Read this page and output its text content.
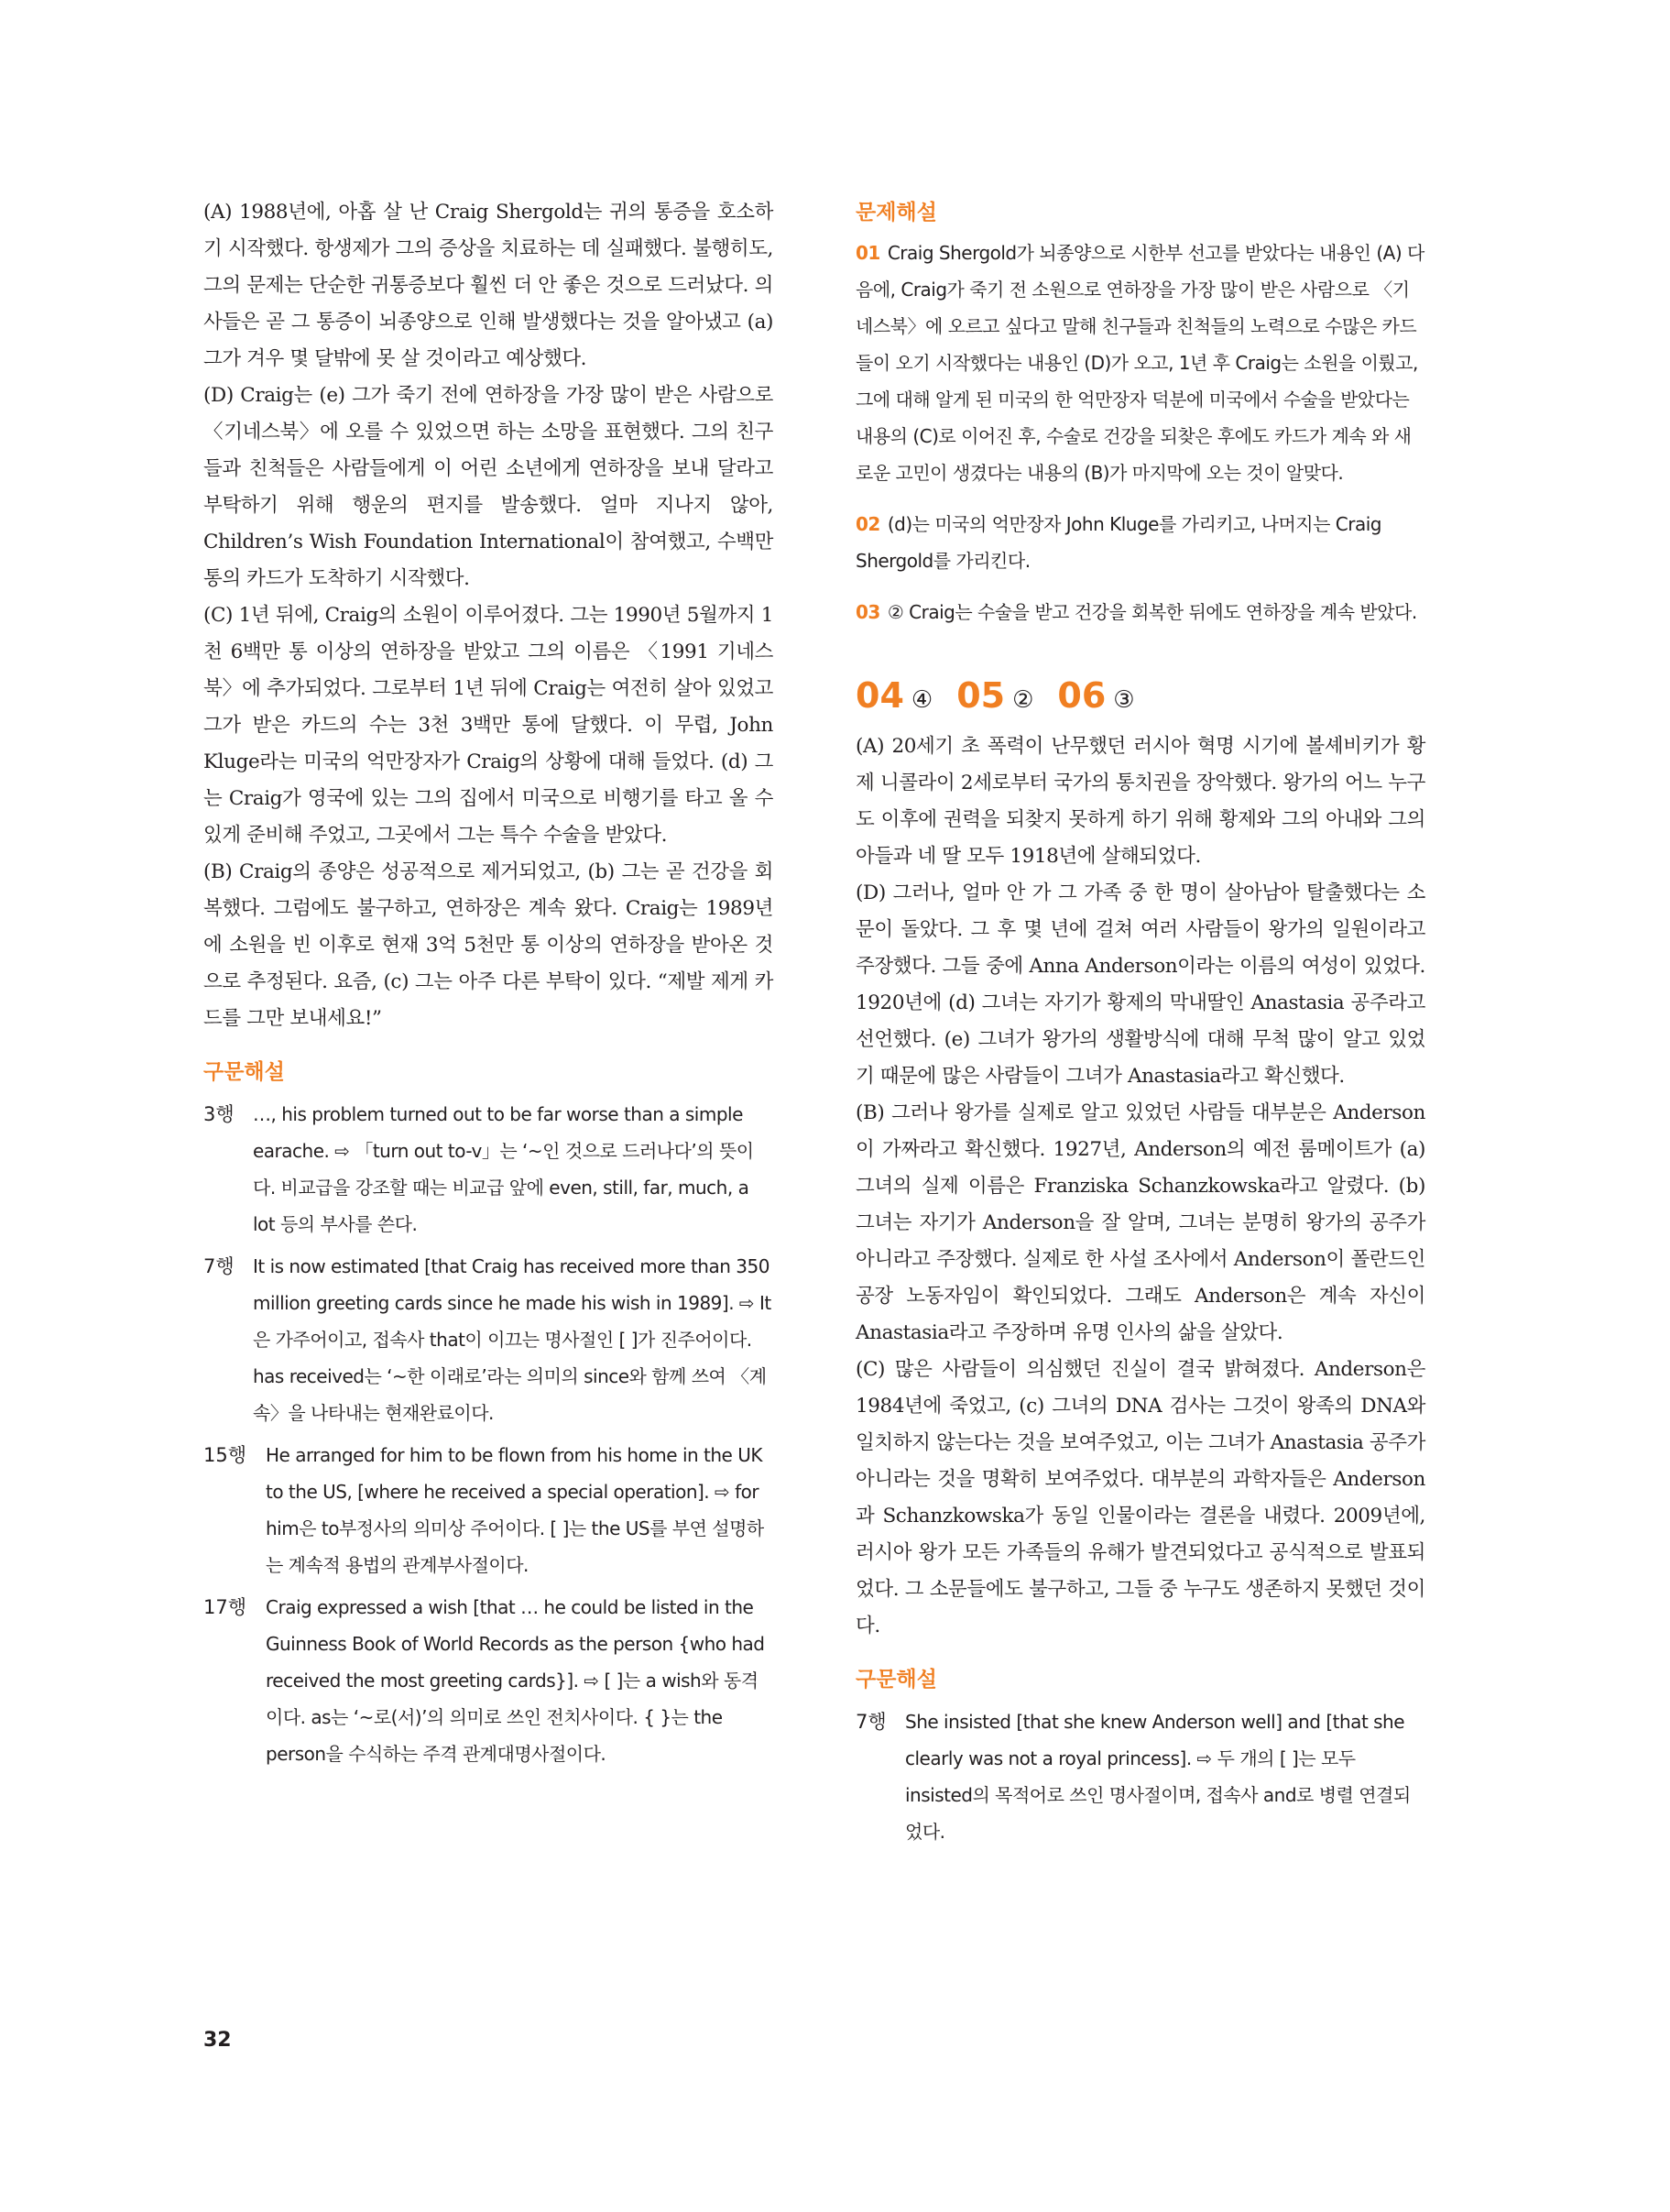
(A) 1988년에, 아홉 살 난 Craig Shergold는 귀의 통증을 호소하기 시작했다. 항생제가 그의 증상을 치료하는 데 실패했다. 불행히도, 그의 문제는 단순한 귀통증보다 훨씬 더 안 좋은 것으로 드러났다. 의사들은 곧 그 통증이 뇌종양으로 인해 발생했다는 것을 알아냈고 (a) 그가 겨우 몇 달밖에 못 살 것이라고 예상했다.

(D) Craig는 (e) 그가 죽기 전에 연하장을 가장 많이 받은 사람으로 〈기네스북〉에 오를 수 있었으면 하는 소망을 표현했다. 그의 친구들과 친척들은 사람들에게 이 어린 소년에게 연하장을 보내 달라고 부탁하기 위해 행운의 편지를 발송했다. 얼마 지나지 않아, Children’s Wish Foundation International이 참여했고, 수백만 통의 카드가 도착하기 시작했다.

(C) 1년 뒤에, Craig의 소원이 이루어졌다. 그는 1990년 5월까지 1천 6백만 통 이상의 연하장을 받았고 그의 이름은 〈1991 기네스북〉에 추가되었다. 그로부터 1년 뒤에 Craig는 여전히 살아 있었고 그가 받은 카드의 수는 3천 3백만 통에 달했다. 이 무렵, John Kluge라는 미국의 억만장자가 Craig의 상황에 대해 들었다. (d) 그는 Craig가 영국에 있는 그의 집에서 미국으로 비행기를 타고 올 수 있게 준비해 주었고, 그곳에서 그는 특수 수술을 받았다.

(B) Craig의 종양은 성공적으로 제거되었고, (b) 그는 곧 건강을 회복했다. 그럼에도 불구하고, 연하장은 계속 왔다. Craig는 1989년에 소원을 빈 이후로 현재 3억 5천만 통 이상의 연하장을 받아온 것으로 추정된다. 요즘, (c) 그는 아주 다른 부탁이 있다. “제발 제게 카드를 그만 보내세요!”

구문해설
3행	…, his problem turned out to be far worse than a simple earache. ⇨ 「turn out to-v」는 ‘~인 것으로 드러나다’의 뜻이다. 비교급을 강조할 때는 비교급 앞에 even, still, far, much, a lot 등의 부사를 쓴다.
7행	It is now estimated [that Craig has received more than 350 million greeting cards since he made his wish in 1989]. ⇨ It은 가주어이고, 접속사 that이 이끄는 명사절인 [ ]가 진주어이다. has received는 ‘~한 이래로’라는 의미의 since와 함께 쓰여 〈계속〉을 나타내는 현재완료이다.
15행	He arranged for him to be flown from his home in the UK to the US, [where he received a special operation]. ⇨ for him은 to부정사의 의미상 주어이다. [ ]는 the US를 부연 설명하는 계속적 용법의 관계부사절이다.
17행	Craig expressed a wish [that … he could be listed in the Guinness Book of World Records as the person {who had received the most greeting cards}]. ⇨ [ ]는 a wish와 동격이다. as는 ‘~로(서)’의 의미로 쓰인 전치사이다. { }는 the person을 수식하는 주격 관계대명사절이다.
문제해설
01 Craig Shergold가 뇌종양으로 시한부 선고를 받았다는 내용인 (A) 다음에, Craig가 죽기 전 소원으로 연하장을 가장 많이 받은 사람으로 〈기네스북〉에 오르고 싶다고 말해 친구들과 친척들의 노력으로 수많은 카드들이 오기 시작했다는 내용인 (D)가 오고, 1년 후 Craig는 소원을 이뤘고, 그에 대해 알게 된 미국의 한 억만장자 덕분에 미국에서 수술을 받았다는 내용의 (C)로 이어진 후, 수술로 건강을 되찾은 후에도 카드가 계속 와 새로운 고민이 생겼다는 내용의 (B)가 마지막에 오는 것이 알맞다.
02 (d)는 미국의 억만장자 John Kluge를 가리키고, 나머지는 Craig Shergold를 가리킨다.
03 ② Craig는 수술을 받고 건강을 회복한 뒤에도 연하장을 계속 받았다.
04 ④ 05 ② 06 ③

(A) 20세기 초 폭력이 난무했던 러시아 혁명 시기에 볼셰비키가 황제 니콜라이 2세로부터 국가의 통치권을 장악했다. 왕가의 어느 누구도 이후에 권력을 되찾지 못하게 하기 위해 황제와 그의 아내와 그의 아들과 네 딸 모두 1918년에 살해되었다.

(D) 그러나, 얼마 안 가 그 가족 중 한 명이 살아남아 탈출했다는 소문이 돌았다. 그 후 몇 년에 걸쳐 여러 사람들이 왕가의 일원이라고 주장했다. 그들 중에 Anna Anderson이라는 이름의 여성이 있었다. 1920년에 (d) 그녀는 자기가 황제의 막내딸인 Anastasia 공주라고 선언했다. (e) 그녀가 왕가의 생활방식에 대해 무척 많이 알고 있었기 때문에 많은 사람들이 그녀가 Anastasia라고 확신했다.

(B) 그러나 왕가를 실제로 알고 있었던 사람들 대부분은 Anderson이 가짜라고 확신했다. 1927년, Anderson의 예전 룸메이트가 (a) 그녀의 실제 이름은 Franziska Schanzkowska라고 알렸다. (b) 그녀는 자기가 Anderson을 잘 알며, 그녀는 분명히 왕가의 공주가 아니라고 주장했다. 실제로 한 사설 조사에서 Anderson이 폴란드인 공장 노동자임이 확인되었다. 그래도 Anderson은 계속 자신이 Anastasia라고 주장하며 유명 인사의 삶을 살았다.

(C) 많은 사람들이 의심했던 진실이 결국 밝혀졌다. Anderson은 1984년에 죽었고, (c) 그녀의 DNA 검사는 그것이 왕족의 DNA와 일치하지 않는다는 것을 보여주었고, 이는 그녀가 Anastasia 공주가 아니라는 것을 명확히 보여주었다. 대부분의 과학자들은 Anderson과 Schanzkowska가 동일 인물이라는 결론을 내렸다. 2009년에, 러시아 왕가 모든 가족들의 유해가 발견되었다고 공식적으로 발표되었다. 그 소문들에도 불구하고, 그들 중 누구도 생존하지 못했던 것이다.

구문해설
7행	She insisted [that she knew Anderson well] and [that she clearly was not a royal princess]. ⇨ 두 개의 [ ]는 모두 insisted의 목적어로 쓰인 명사절이며, 접속사 and로 병렬 연결되었다.
32
